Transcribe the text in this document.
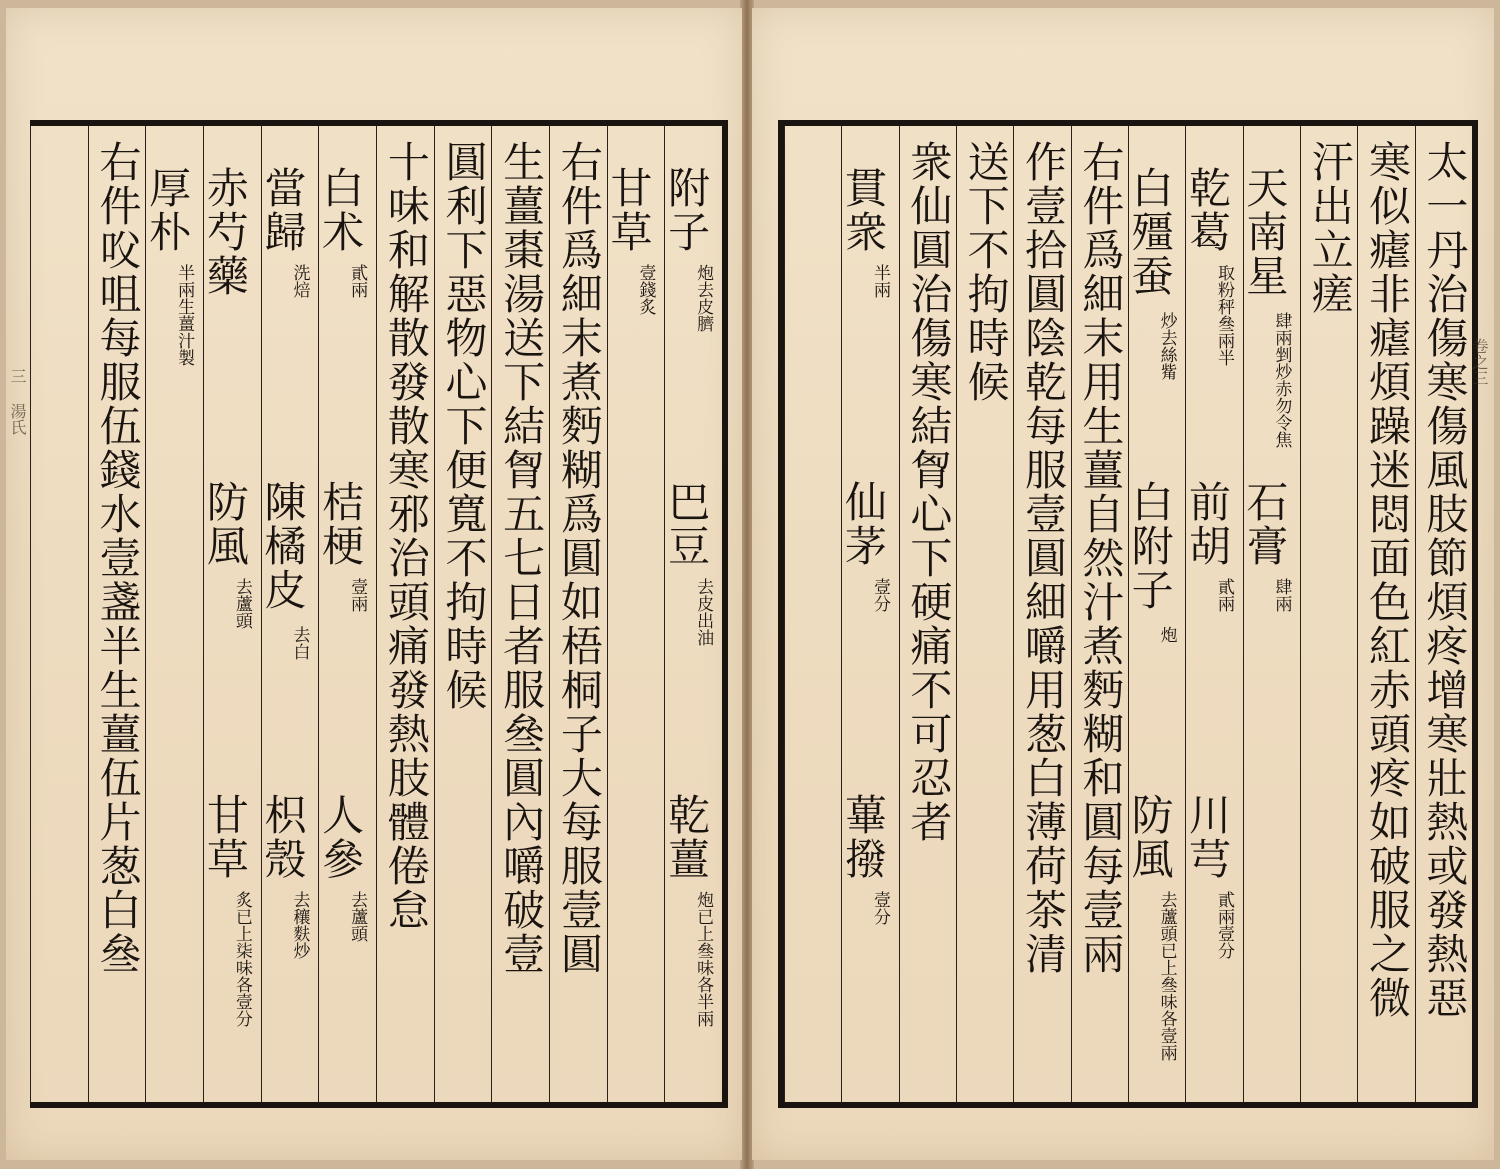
太一丹治傷寒傷風肢節煩疼增寒壯熱或發熱惡
寒似瘧非瘧煩躁迷悶面色紅赤頭疼如破服之微
汗出立瘥
天南星
肆兩剉炒赤勿令焦
石膏
肆兩
乾葛
取粉秤叄兩半
前胡
貳兩
川芎
貳兩壹分
白殭蚕
炒去絲觜
白附子
炮
防風
去蘆頭已上叄味各壹兩
右件爲細末用生薑自然汁煮麪糊和圓每壹兩
作壹拾圓陰乾每服壹圓細嚼用葱白薄荷茶清
送下不拘時候
衆仙圓治傷寒結胷心下硬痛不可忍者
貫衆
半兩
仙茅
壹分
蓽撥
壹分
卷之三
附子
炮去皮臍
巴豆
去皮出油
乾薑
炮已上叄味各半兩
甘草
壹錢炙
右件爲細末煮麪糊爲圓如梧桐子大每服壹圓
生薑棗湯送下結胷五七日者服叄圓內嚼破壹
圓利下惡物心下便寬不拘時候
十味和解散發散寒邪治頭痛發熱肢體倦怠
白术
貳兩
桔梗
壹兩
人參
去蘆頭
當歸
洗焙
陳橘皮
去白
枳殼
去穰麩炒
赤芍藥
防風
去蘆頭
甘草
炙已上柒味各壹分
厚朴
半兩生薑汁製
右件㕮咀每服伍錢水壹盞半生薑伍片葱白叄
三 湯氏
